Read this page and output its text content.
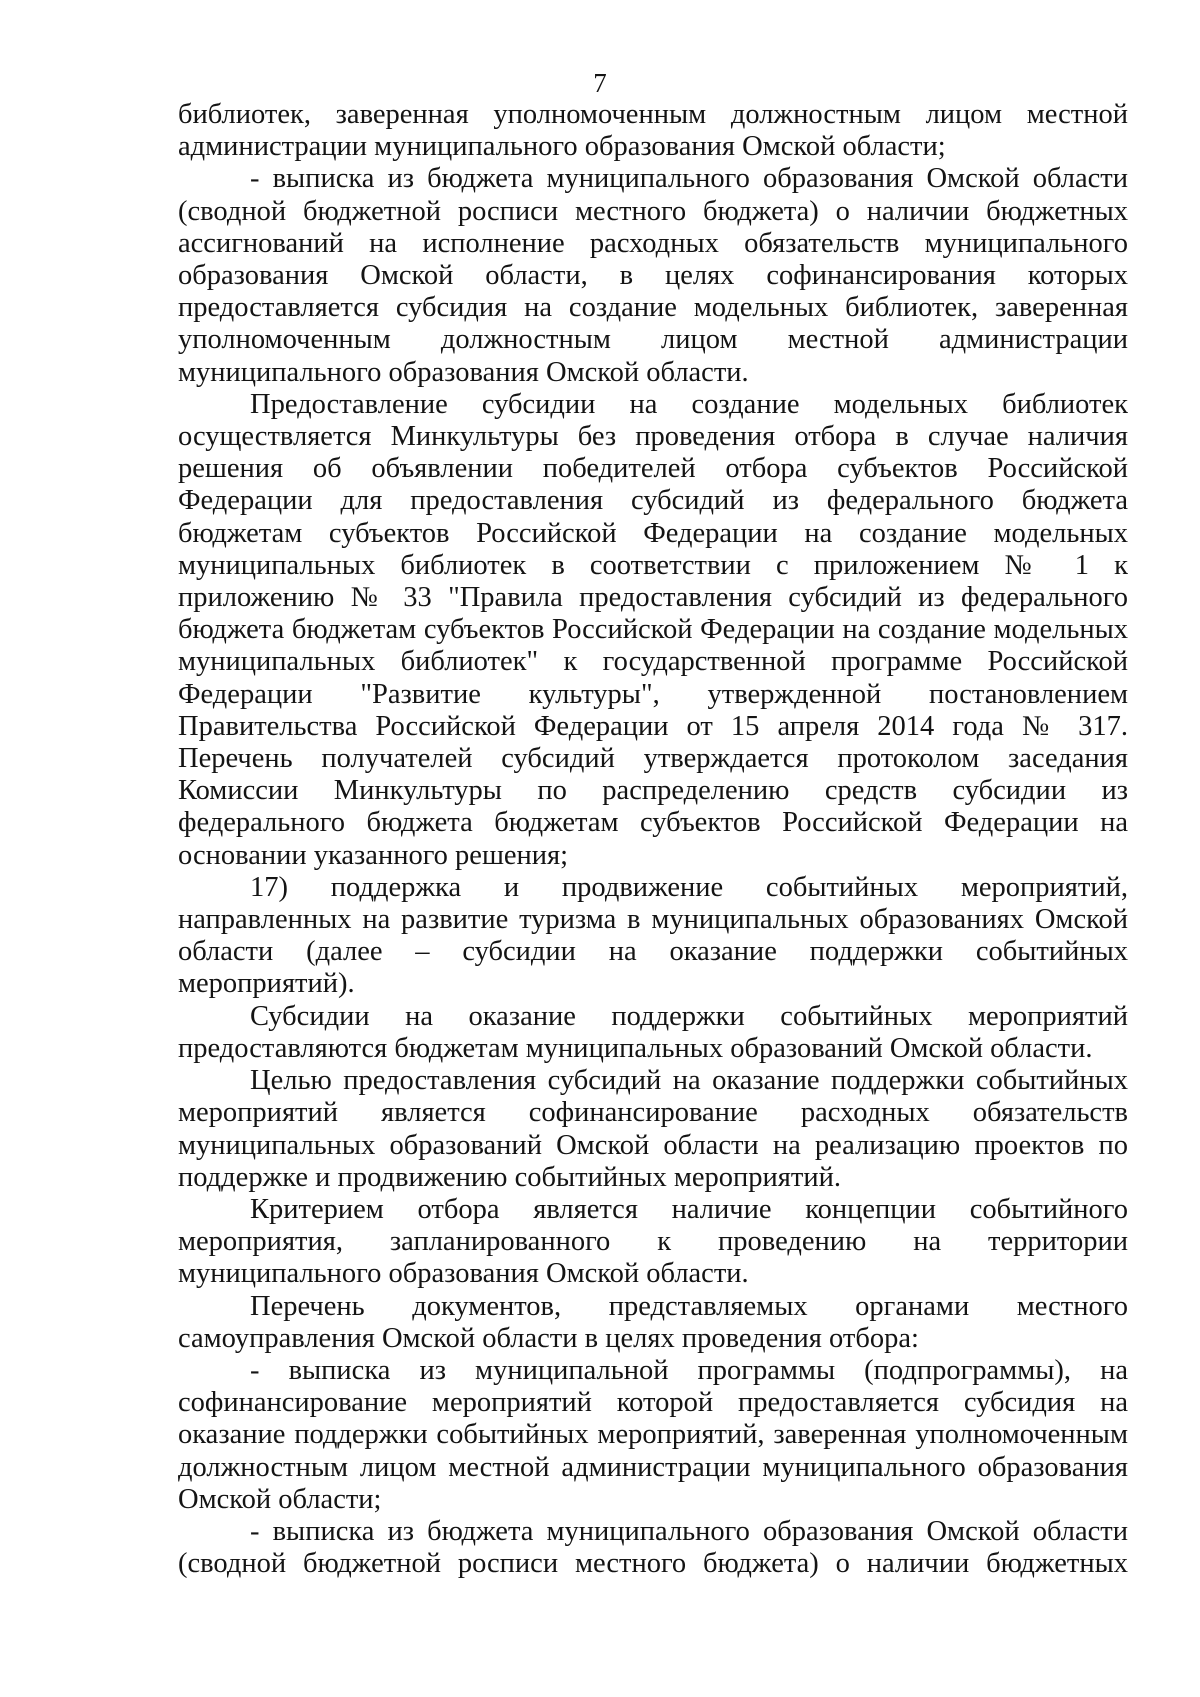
7

библиотек, заверенная уполномоченным должностным лицом местной администрации муниципального образования Омской области;

- выписка из бюджета муниципального образования Омской области (сводной бюджетной росписи местного бюджета) о наличии бюджетных ассигнований на исполнение расходных обязательств муниципального образования Омской области, в целях софинансирования которых предоставляется субсидия на создание модельных библиотек, заверенная уполномоченным должностным лицом местной администрации муниципального образования Омской области.

Предоставление субсидии на создание модельных библиотек осуществляется Минкультуры без проведения отбора в случае наличия решения об объявлении победителей отбора субъектов Российской Федерации для предоставления субсидий из федерального бюджета бюджетам субъектов Российской Федерации на создание модельных муниципальных библиотек в соответствии с приложением № 1 к приложению № 33 "Правила предоставления субсидий из федерального бюджета бюджетам субъектов Российской Федерации на создание модельных муниципальных библиотек" к государственной программе Российской Федерации "Развитие культуры", утвержденной постановлением Правительства Российской Федерации от 15 апреля 2014 года № 317. Перечень получателей субсидий утверждается протоколом заседания Комиссии Минкультуры по распределению средств субсидии из федерального бюджета бюджетам субъектов Российской Федерации на основании указанного решения;

17) поддержка и продвижение событийных мероприятий, направленных на развитие туризма в муниципальных образованиях Омской области (далее – субсидии на оказание поддержки событийных мероприятий).

Субсидии на оказание поддержки событийных мероприятий предоставляются бюджетам муниципальных образований Омской области.

Целью предоставления субсидий на оказание поддержки событийных мероприятий является софинансирование расходных обязательств муниципальных образований Омской области на реализацию проектов по поддержке и продвижению событийных мероприятий.

Критерием отбора является наличие концепции событийного мероприятия, запланированного к проведению на территории муниципального образования Омской области.

Перечень документов, представляемых органами местного самоуправления Омской области в целях проведения отбора:

- выписка из муниципальной программы (подпрограммы), на софинансирование мероприятий которой предоставляется субсидия на оказание поддержки событийных мероприятий, заверенная уполномоченным должностным лицом местной администрации муниципального образования Омской области;

- выписка из бюджета муниципального образования Омской области (сводной бюджетной росписи местного бюджета) о наличии бюджетных
